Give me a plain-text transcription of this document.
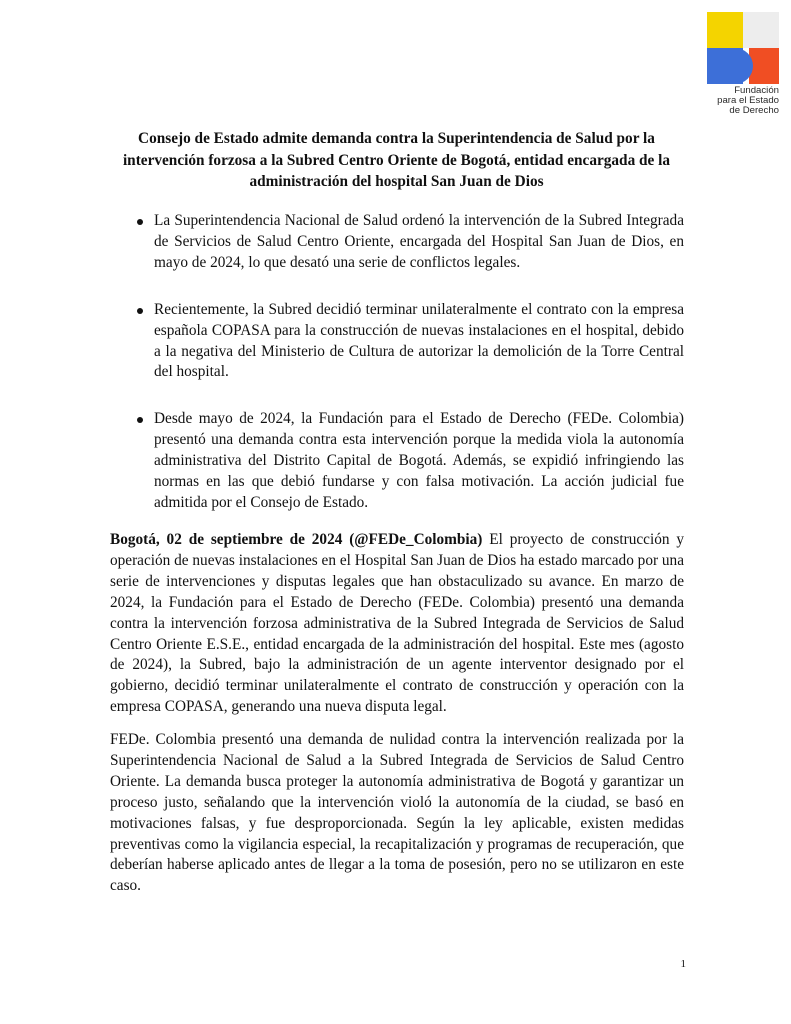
Fundación
para el Estado
de Derecho
Consejo de Estado admite demanda contra la Superintendencia de Salud por la intervención forzosa a la Subred Centro Oriente de Bogotá, entidad encargada de la administración del hospital San Juan de Dios
La Superintendencia Nacional de Salud ordenó la intervención de la Subred Integrada de Servicios de Salud Centro Oriente, encargada del Hospital San Juan de Dios, en mayo de 2024, lo que desató una serie de conflictos legales.
Recientemente, la Subred decidió terminar unilateralmente el contrato con la empresa española COPASA para la construcción de nuevas instalaciones en el hospital, debido a la negativa del Ministerio de Cultura de autorizar la demolición de la Torre Central del hospital.
Desde mayo de 2024, la Fundación para el Estado de Derecho (FEDe. Colombia) presentó una demanda contra esta intervención porque la medida viola la autonomía administrativa del Distrito Capital de Bogotá. Además, se expidió infringiendo las normas en las que debió fundarse y con falsa motivación. La acción judicial fue admitida por el Consejo de Estado.

Bogotá, 02 de septiembre de 2024 (@FEDe_Colombia) El proyecto de construcción y operación de nuevas instalaciones en el Hospital San Juan de Dios ha estado marcado por una serie de intervenciones y disputas legales que han obstaculizado su avance. En marzo de 2024, la Fundación para el Estado de Derecho (FEDe. Colombia) presentó una demanda contra la intervención forzosa administrativa de la Subred Integrada de Servicios de Salud Centro Oriente E.S.E., entidad encargada de la administración del hospital. Este mes (agosto de 2024), la Subred, bajo la administración de un agente interventor designado por el gobierno, decidió terminar unilateralmente el contrato de construcción y operación con la empresa COPASA, generando una nueva disputa legal.

FEDe. Colombia presentó una demanda de nulidad contra la intervención realizada por la Superintendencia Nacional de Salud a la Subred Integrada de Servicios de Salud Centro Oriente. La demanda busca proteger la autonomía administrativa de Bogotá y garantizar un proceso justo, señalando que la intervención violó la autonomía de la ciudad, se basó en motivaciones falsas, y fue desproporcionada. Según la ley aplicable, existen medidas preventivas como la vigilancia especial, la recapitalización y programas de recuperación, que deberían haberse aplicado antes de llegar a la toma de posesión, pero no se utilizaron en este caso.

1
